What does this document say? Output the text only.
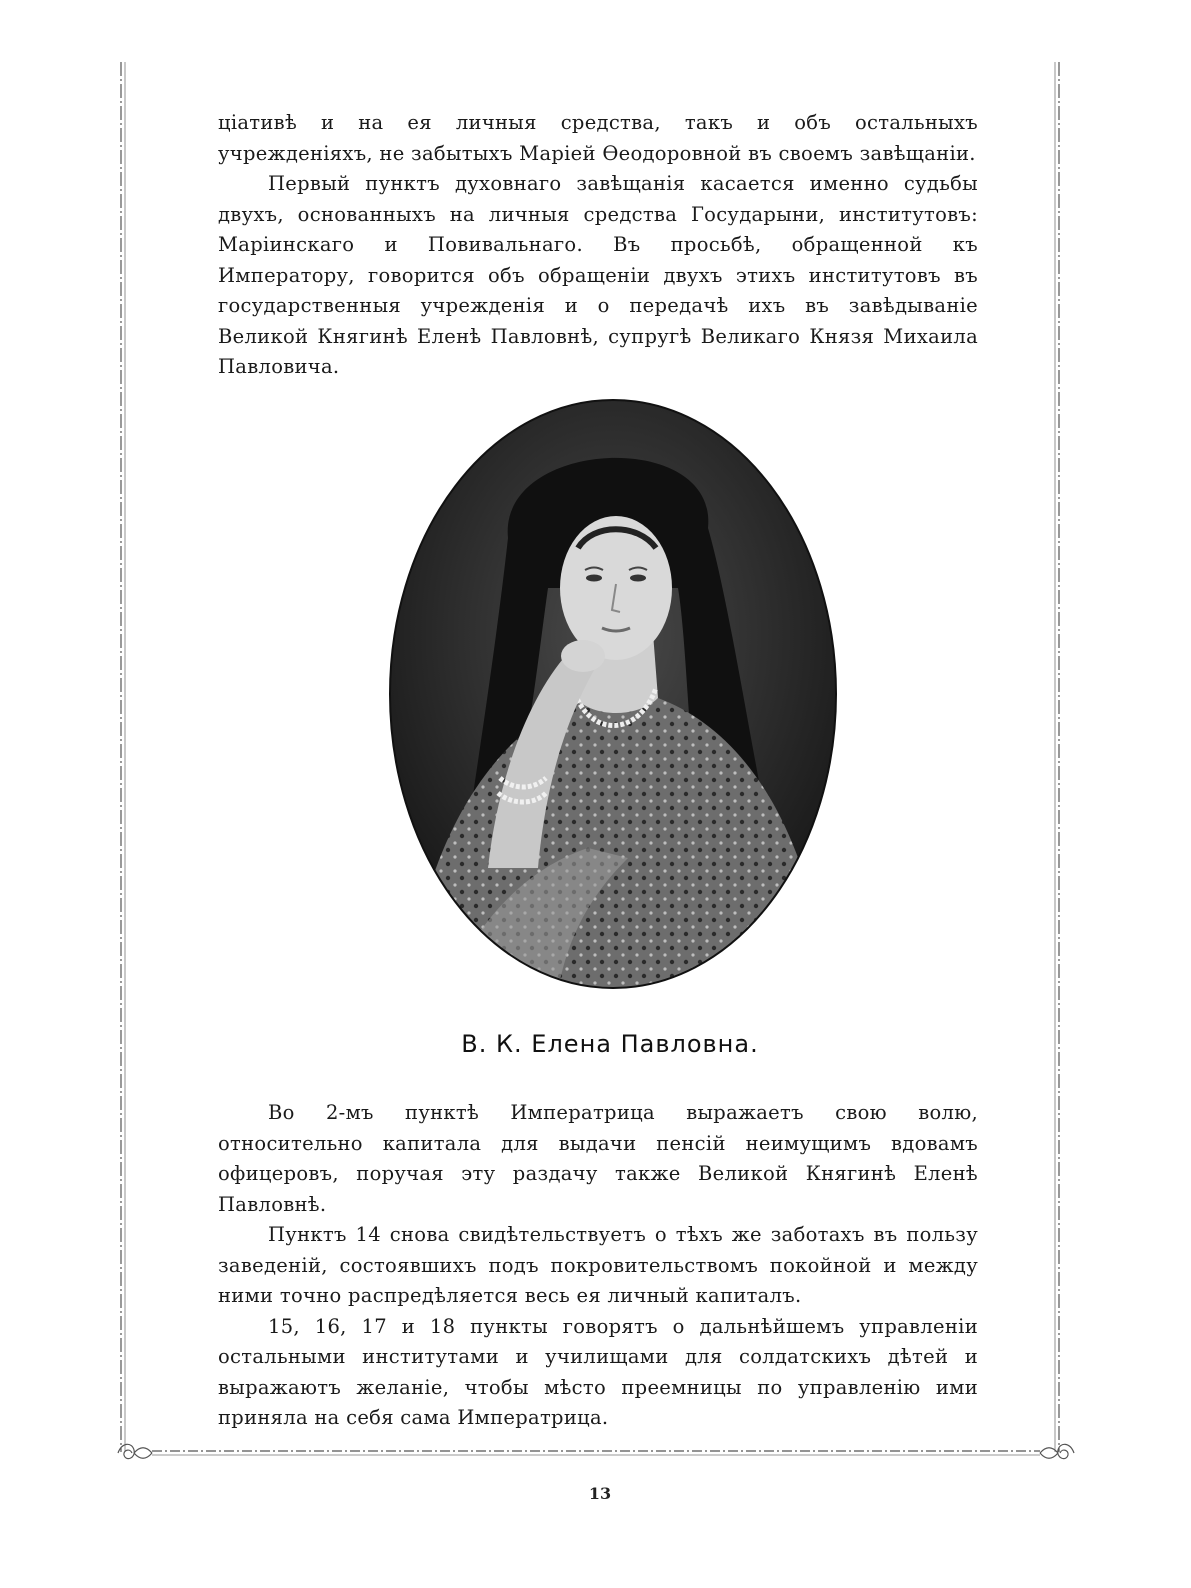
ціативѣ и на ея личныя средства, такъ и объ остальныхъ учрежденіяхъ, не забытыхъ Маріей Ѳеодоровной въ своемъ завѣщаніи.

Первый пунктъ духовнаго завѣщанія касается именно судьбы двухъ, основанныхъ на личныя средства Государыни, институтовъ: Маріинскаго и Повивальнаго. Въ просьбѣ, обращенной къ Императору, говорится объ обращеніи двухъ этихъ институтовъ въ государственныя учрежденія и о передачѣ ихъ въ завѣдываніе Великой Княгинѣ Еленѣ Павловнѣ, супругѣ Великаго Князя Михаила Павловича.

В. К. Елена Павловна.

Во 2-мъ пунктѣ Императрица выражаетъ свою волю, относительно капитала для выдачи пенсій неимущимъ вдовамъ офицеровъ, поручая эту раздачу также Великой Княгинѣ Еленѣ Павловнѣ.

Пунктъ 14 снова свидѣтельствуетъ о тѣхъ же заботахъ въ пользу заведеній, состоявшихъ подъ покровительствомъ покойной и между ними точно распредѣляется весь ея личный капиталъ.

15, 16, 17 и 18 пункты говорятъ о дальнѣйшемъ управленіи остальными институтами и училищами для солдатскихъ дѣтей и выражаютъ желаніе, чтобы мѣсто преемницы по управленію ими приняла на себя сама Императрица.

13
